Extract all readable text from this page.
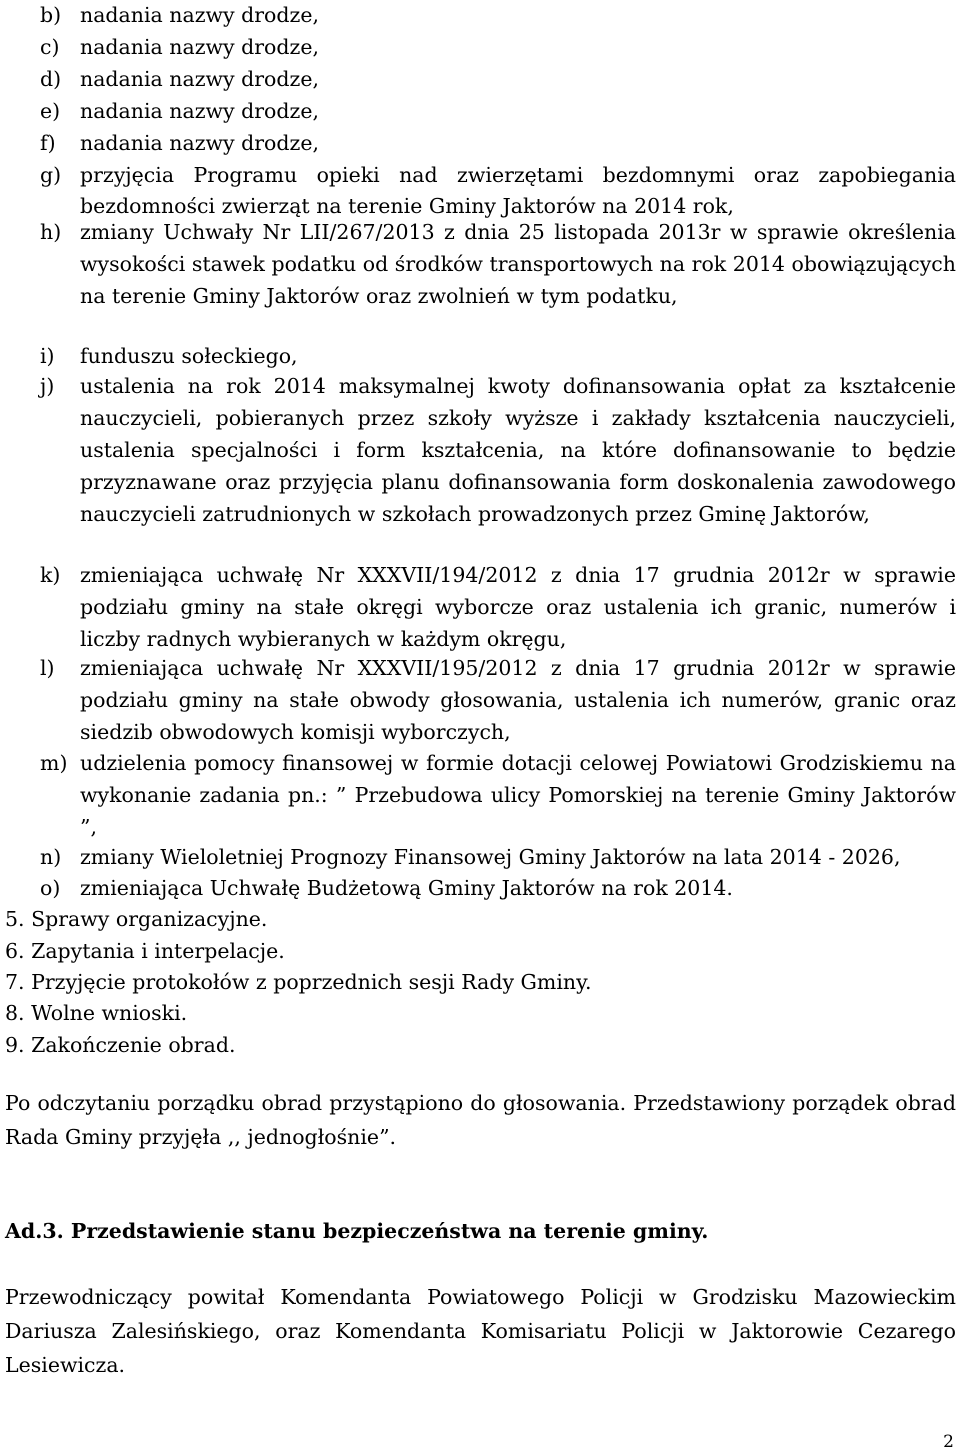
b) nadania nazwy drodze,
c) nadania nazwy drodze,
d) nadania nazwy drodze,
e) nadania nazwy drodze,
f) nadania nazwy drodze,
g) przyjęcia Programu opieki nad zwierzętami bezdomnymi oraz zapobiegania bezdomności zwierząt na terenie Gminy Jaktorów na 2014 rok,
h) zmiany Uchwały Nr LII/267/2013 z dnia 25 listopada 2013r w sprawie określenia wysokości stawek podatku od środków transportowych na rok 2014 obowiązujących na terenie Gminy Jaktorów oraz zwolnień w tym podatku,
i) funduszu sołeckiego,
j) ustalenia na rok 2014 maksymalnej kwoty dofinansowania opłat za kształcenie nauczycieli, pobieranych przez szkoły wyższe i zakłady kształcenia nauczycieli, ustalenia specjalności i form kształcenia, na które dofinansowanie to będzie przyznawane oraz przyjęcia planu dofinansowania form doskonalenia zawodowego nauczycieli zatrudnionych w szkołach prowadzonych przez Gminę Jaktorów,
k) zmieniająca uchwałę Nr XXXVII/194/2012 z dnia 17 grudnia 2012r w sprawie podziału gminy na stałe okręgi wyborcze oraz ustalenia ich granic, numerów i liczby radnych wybieranych w każdym okręgu,
l) zmieniająca uchwałę Nr XXXVII/195/2012 z dnia 17 grudnia 2012r w sprawie podziału gminy na stałe obwody głosowania, ustalenia ich numerów, granic oraz siedzib obwodowych komisji wyborczych,
m) udzielenia pomocy finansowej w formie dotacji celowej Powiatowi Grodziskiemu na wykonanie zadania pn.: ” Przebudowa ulicy Pomorskiej na terenie Gminy Jaktorów ”,
n) zmiany Wieloletniej Prognozy Finansowej Gminy Jaktorów na lata 2014 - 2026,
o) zmieniająca Uchwałę Budżetową Gminy Jaktorów na rok 2014.
5. Sprawy organizacyjne.
6. Zapytania i interpelacje.
7. Przyjęcie protokołów z poprzednich sesji Rady Gminy.
8. Wolne wnioski.
9. Zakończenie obrad.
Po odczytaniu porządku obrad przystąpiono do głosowania. Przedstawiony porządek obrad Rada Gminy przyjęła ,, jednogłośnie”.
Ad.3. Przedstawienie stanu bezpieczeństwa na terenie gminy.
Przewodniczący powitał Komendanta Powiatowego Policji w Grodzisku Mazowieckim Dariusza Zalesińskiego, oraz Komendanta Komisariatu Policji w Jaktorowie Cezarego Lesiewicza.
2
